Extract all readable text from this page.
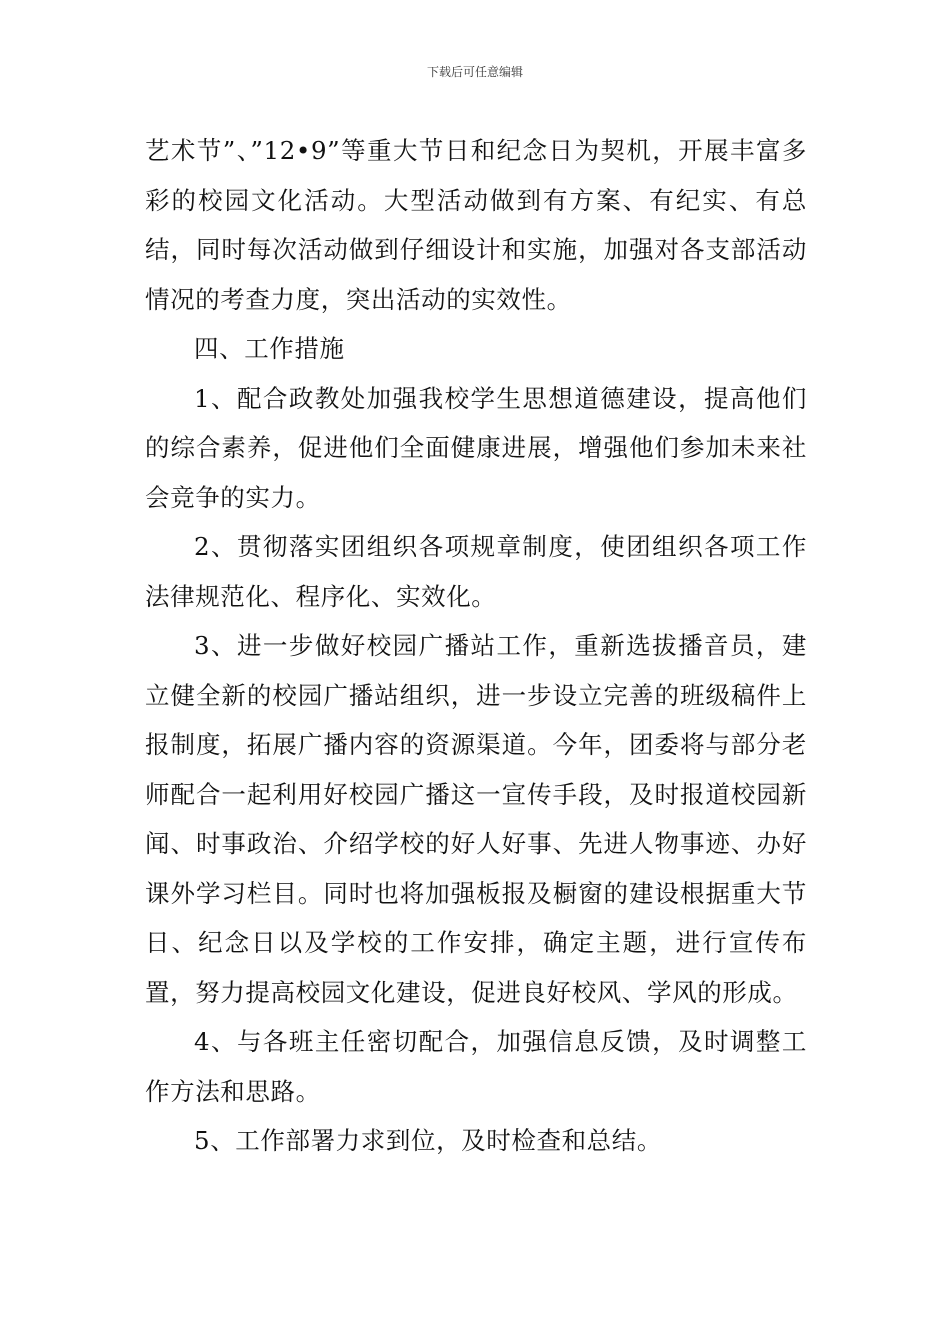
下载后可任意编辑

艺术节”、”12•9”等重大节日和纪念日为契机，开展丰富多彩的校园文化活动。大型活动做到有方案、有纪实、有总结，同时每次活动做到仔细设计和实施，加强对各支部活动情况的考查力度，突出活动的实效性。

四、工作措施

1、配合政教处加强我校学生思想道德建设，提高他们的综合素养，促进他们全面健康进展，增强他们参加未来社会竞争的实力。

2、贯彻落实团组织各项规章制度，使团组织各项工作法律规范化、程序化、实效化。

3、进一步做好校园广播站工作，重新选拔播音员，建立健全新的校园广播站组织，进一步设立完善的班级稿件上报制度，拓展广播内容的资源渠道。今年，团委将与部分老师配合一起利用好校园广播这一宣传手段，及时报道校园新闻、时事政治、介绍学校的好人好事、先进人物事迹、办好课外学习栏目。同时也将加强板报及橱窗的建设根据重大节日、纪念日以及学校的工作安排，确定主题，进行宣传布置，努力提高校园文化建设，促进良好校风、学风的形成。

4、与各班主任密切配合，加强信息反馈，及时调整工作方法和思路。

5、工作部署力求到位，及时检查和总结。
